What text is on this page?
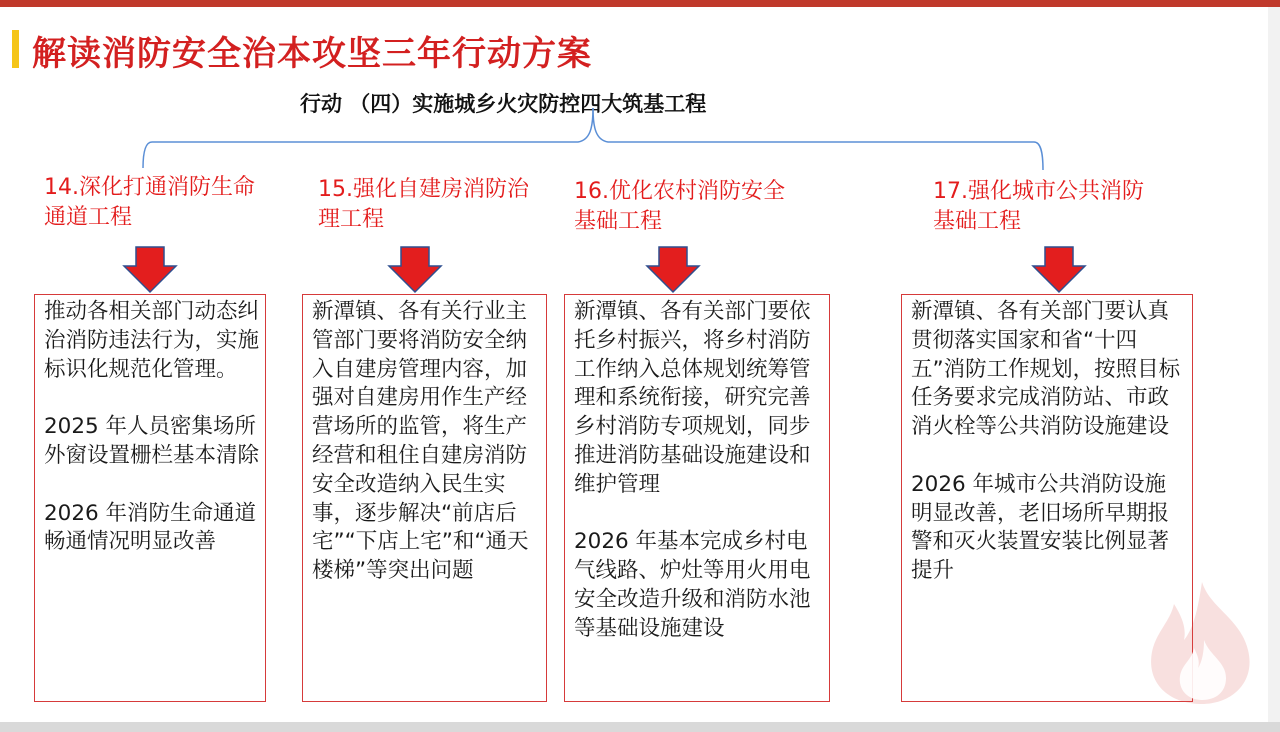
解读消防安全治本攻坚三年行动方案
行动 （四）实施城乡火灾防控四大筑基工程
14.深化打通消防生命
通道工程

推动各相关部门动态纠治消防违法行为，实施标识化规范化管理。

2025 年人员密集场所外窗设置栅栏基本清除

2026 年消防生命通道畅通情况明显改善

15.强化自建房消防治
理工程

新潭镇、各有关行业主管部门要将消防安全纳入自建房管理内容，加强对自建房用作生产经营场所的监管，将生产经营和租住自建房消防安全改造纳入民生实事，逐步解决“前店后宅”“下店上宅”和“通天楼梯”等突出问题

16.优化农村消防安全
基础工程

新潭镇、各有关部门要依托乡村振兴，将乡村消防工作纳入总体规划统筹管理和系统衔接，研究完善乡村消防专项规划，同步推进消防基础设施建设和维护管理

2026 年基本完成乡村电气线路、炉灶等用火用电安全改造升级和消防水池等基础设施建设

17.强化城市公共消防
基础工程

新潭镇、各有关部门要认真贯彻落实国家和省“十四五”消防工作规划，按照目标任务要求完成消防站、市政消火栓等公共消防设施建设

2026 年城市公共消防设施明显改善，老旧场所早期报警和灭火装置安装比例显著提升
